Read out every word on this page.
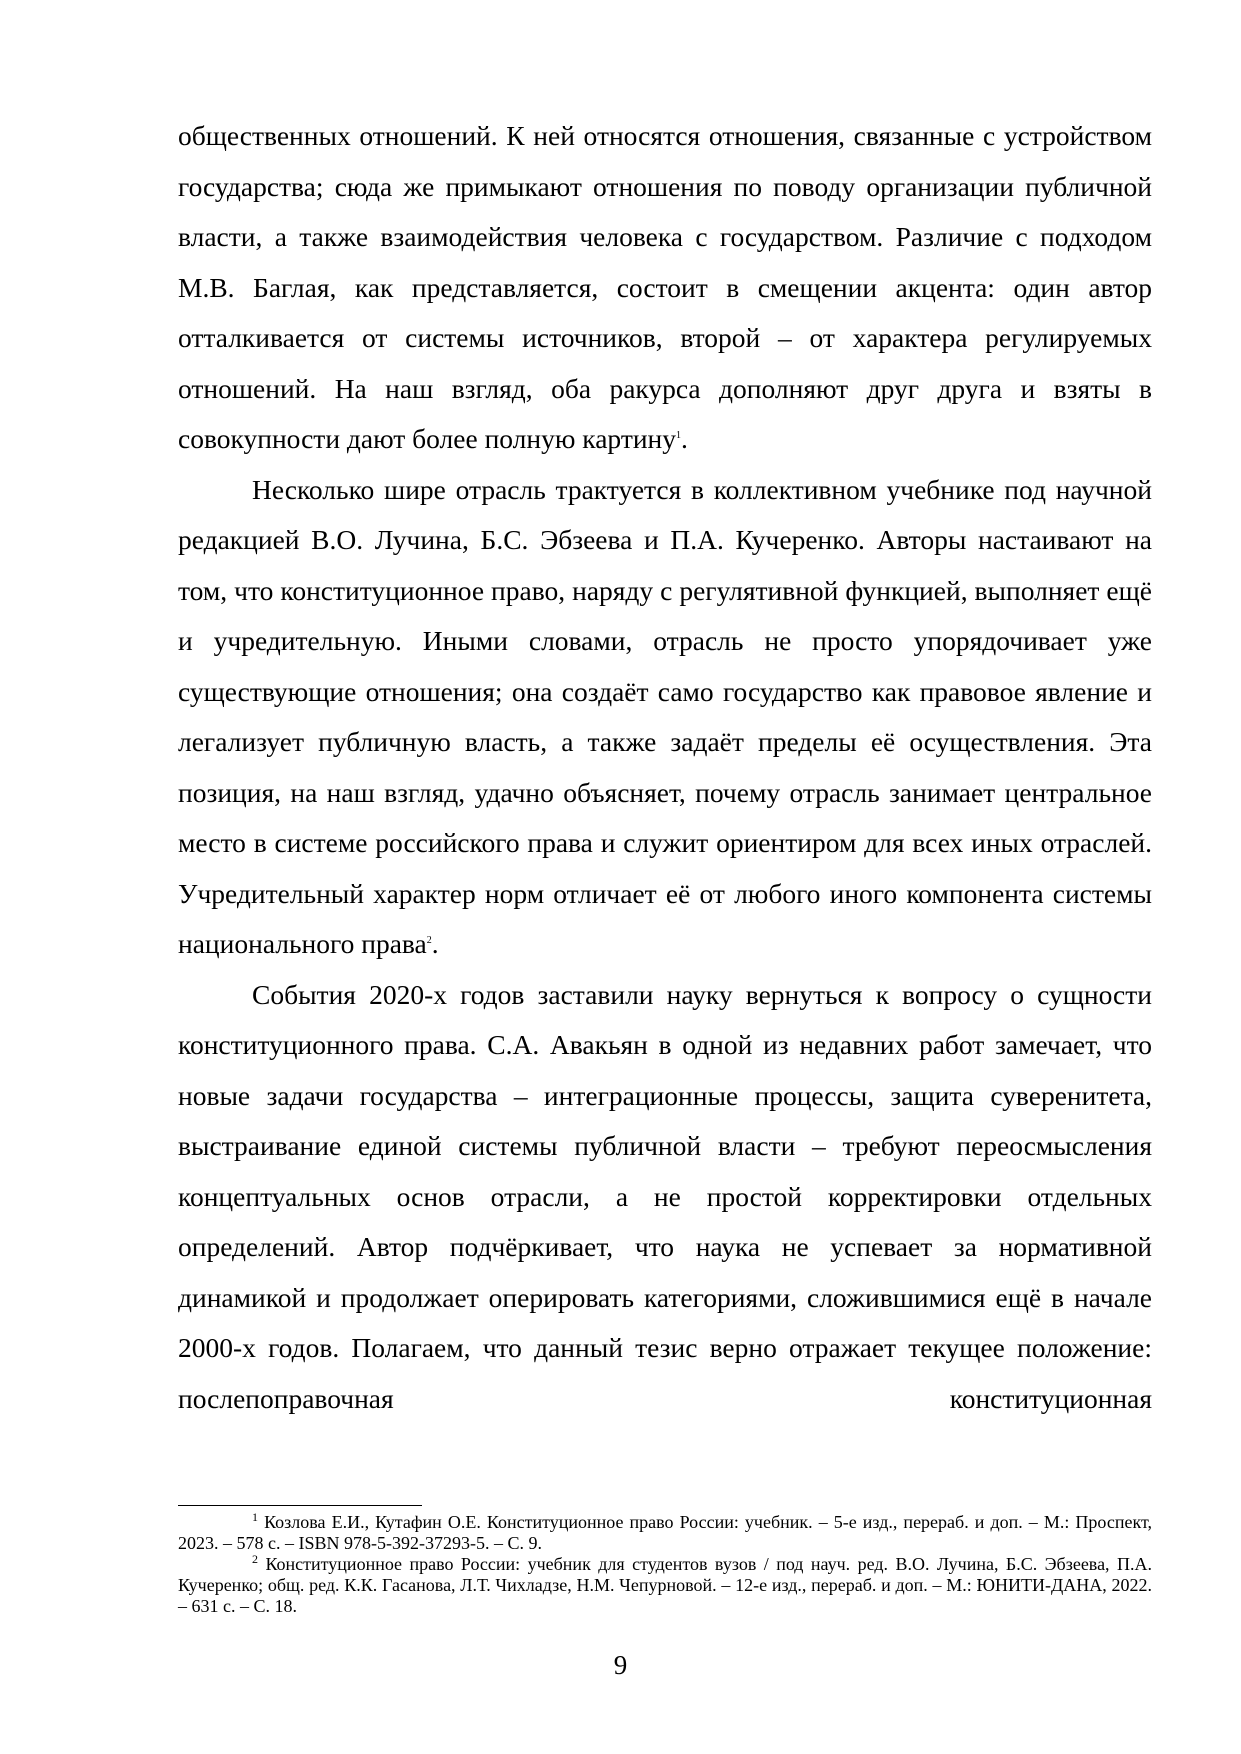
общественных отношений. К ней относятся отношения, связанные с устройством государства; сюда же примыкают отношения по поводу организации публичной власти, а также взаимодействия человека с государством. Различие с подходом М.В. Баглая, как представляется, состоит в смещении акцента: один автор отталкивается от системы источников, второй – от характера регулируемых отношений. На наш взгляд, оба ракурса дополняют друг друга и взяты в совокупности дают более полную картину$^1$.

Несколько шире отрасль трактуется в коллективном учебнике под научной редакцией В.О. Лучина, Б.С. Эбзеева и П.А. Кучеренко. Авторы настаивают на том, что конституционное право, наряду с регулятивной функцией, выполняет ещё и учредительную. Иными словами, отрасль не просто упорядочивает уже существующие отношения; она создаёт само государство как правовое явление и легализует публичную власть, а также задаёт пределы её осуществления. Эта позиция, на наш взгляд, удачно объясняет, почему отрасль занимает центральное место в системе российского права и служит ориентиром для всех иных отраслей. Учредительный характер норм отличает её от любого иного компонента системы национального права$^2$.

События 2020-х годов заставили науку вернуться к вопросу о сущности конституционного права. С.А. Авакьян в одной из недавних работ замечает, что новые задачи государства – интеграционные процессы, защита суверенитета, выстраивание единой системы публичной власти – требуют переосмысления концептуальных основ отрасли, а не простой корректировки отдельных определений. Автор подчёркивает, что наука не успевает за нормативной динамикой и продолжает оперировать категориями, сложившимися ещё в начале 2000-х годов. Полагаем, что данный тезис верно отражает текущее положение: послепоправочная конституционная

$^1$ Козлова Е.И., Кутафин О.Е. Конституционное право России: учебник. – 5-е изд., перераб. и доп. – М.: Проспект, 2023. – 578 с. – ISBN 978-5-392-37293-5. – С. 9.

$^2$ Конституционное право России: учебник для студентов вузов / под науч. ред. В.О. Лучина, Б.С. Эбзеева, П.А. Кучеренко; общ. ред. К.К. Гасанова, Л.Т. Чихладзе, Н.М. Чепурновой. – 12-е изд., перераб. и доп. – М.: ЮНИТИ-ДАНА, 2022. – 631 с. – С. 18.

9
